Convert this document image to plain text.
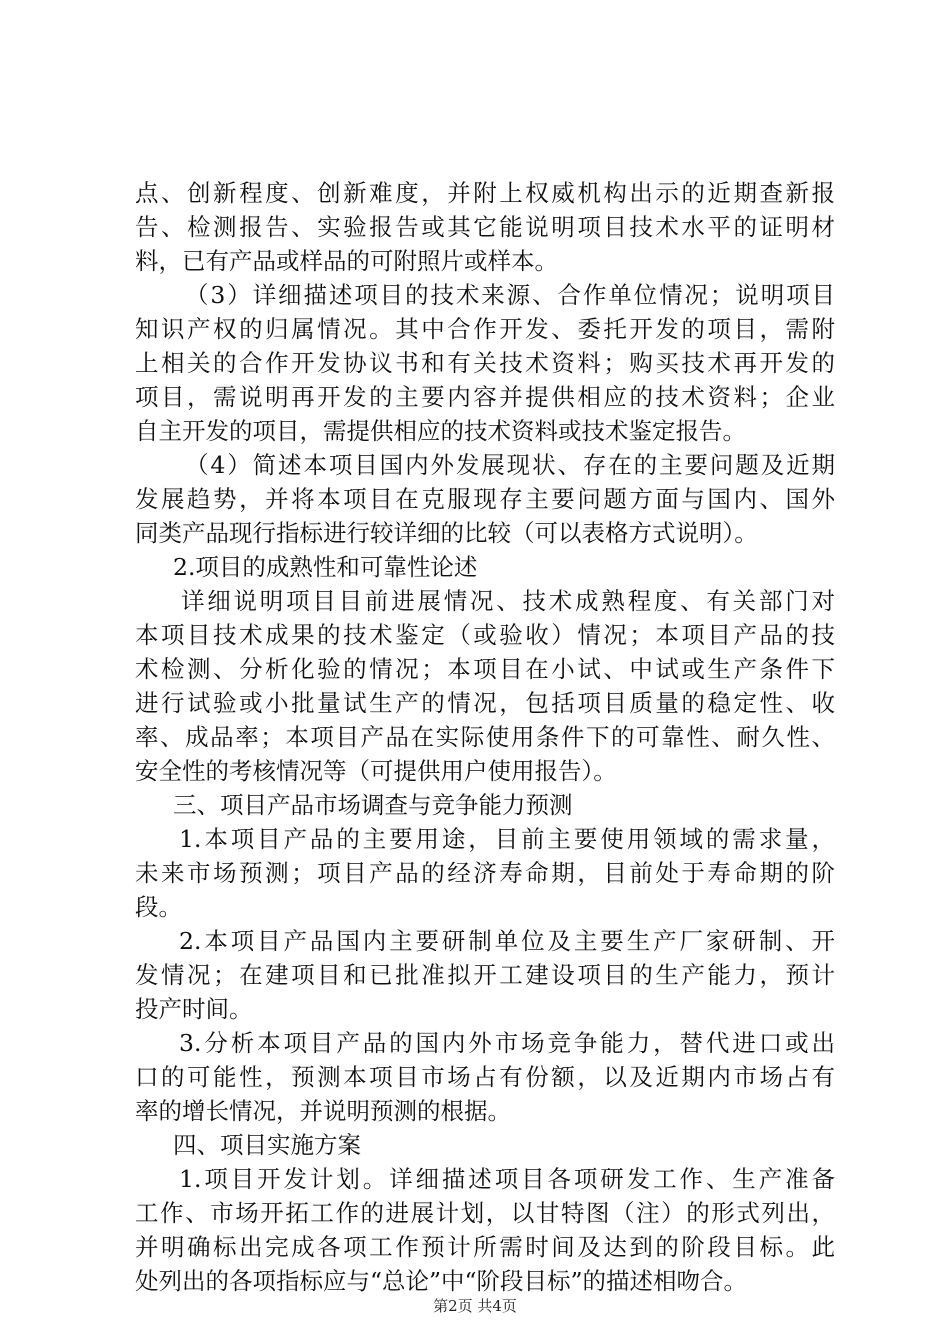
点、创新程度、创新难度，并附上权威机构出示的近期查新报
告、检测报告、实验报告或其它能说明项目技术水平的证明材
料，已有产品或样品的可附照片或样本。
（3）详细描述项目的技术来源、合作单位情况；说明项目
知识产权的归属情况。其中合作开发、委托开发的项目，需附
上相关的合作开发协议书和有关技术资料；购买技术再开发的
项目，需说明再开发的主要内容并提供相应的技术资料；企业
自主开发的项目，需提供相应的技术资料或技术鉴定报告。
（4）简述本项目国内外发展现状、存在的主要问题及近期
发展趋势，并将本项目在克服现存主要问题方面与国内、国外
同类产品现行指标进行较详细的比较（可以表格方式说明）。
2.项目的成熟性和可靠性论述
详细说明项目目前进展情况、技术成熟程度、有关部门对
本项目技术成果的技术鉴定（或验收）情况；本项目产品的技
术检测、分析化验的情况；本项目在小试、中试或生产条件下
进行试验或小批量试生产的情况，包括项目质量的稳定性、收
率、成品率；本项目产品在实际使用条件下的可靠性、耐久性、
安全性的考核情况等（可提供用户使用报告）。
三、项目产品市场调查与竞争能力预测
1.本项目产品的主要用途，目前主要使用领域的需求量，
未来市场预测；项目产品的经济寿命期，目前处于寿命期的阶
段。
2.本项目产品国内主要研制单位及主要生产厂家研制、开
发情况；在建项目和已批准拟开工建设项目的生产能力，预计
投产时间。
3.分析本项目产品的国内外市场竞争能力，替代进口或出
口的可能性，预测本项目市场占有份额，以及近期内市场占有
率的增长情况，并说明预测的根据。
四、项目实施方案
1.项目开发计划。详细描述项目各项研发工作、生产准备
工作、市场开拓工作的进展计划，以甘特图（注）的形式列出，
并明确标出完成各项工作预计所需时间及达到的阶段目标。此
处列出的各项指标应与“总论”中“阶段目标”的描述相吻合。
第2页 共4页
